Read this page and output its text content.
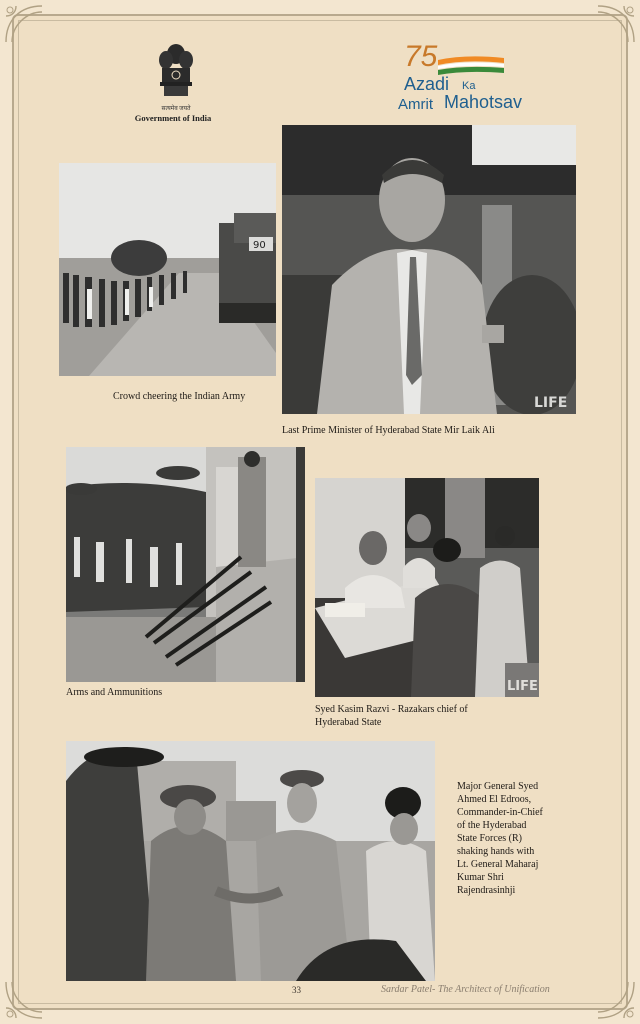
सत्यमेव जयते
Government of India
75
Azadi Ka
Amrit Mahotsav
90
Crowd cheering the Indian Army	LIFE
Last Prime Minister of Hyderabad State Mir Laik Ali
Arms and Ammunitions	LIFE
Syed Kasim Razvi - Razakars chief of
Hyderabad State
Major General Syed
Ahmed El Edroos,
Commander-in-Chief
of the Hyderabad
State Forces (R)
shaking hands with
Lt. General Maharaj
Kumar Shri
Rajendrasinhji
33	Sardar Patel- The Architect of Unification
